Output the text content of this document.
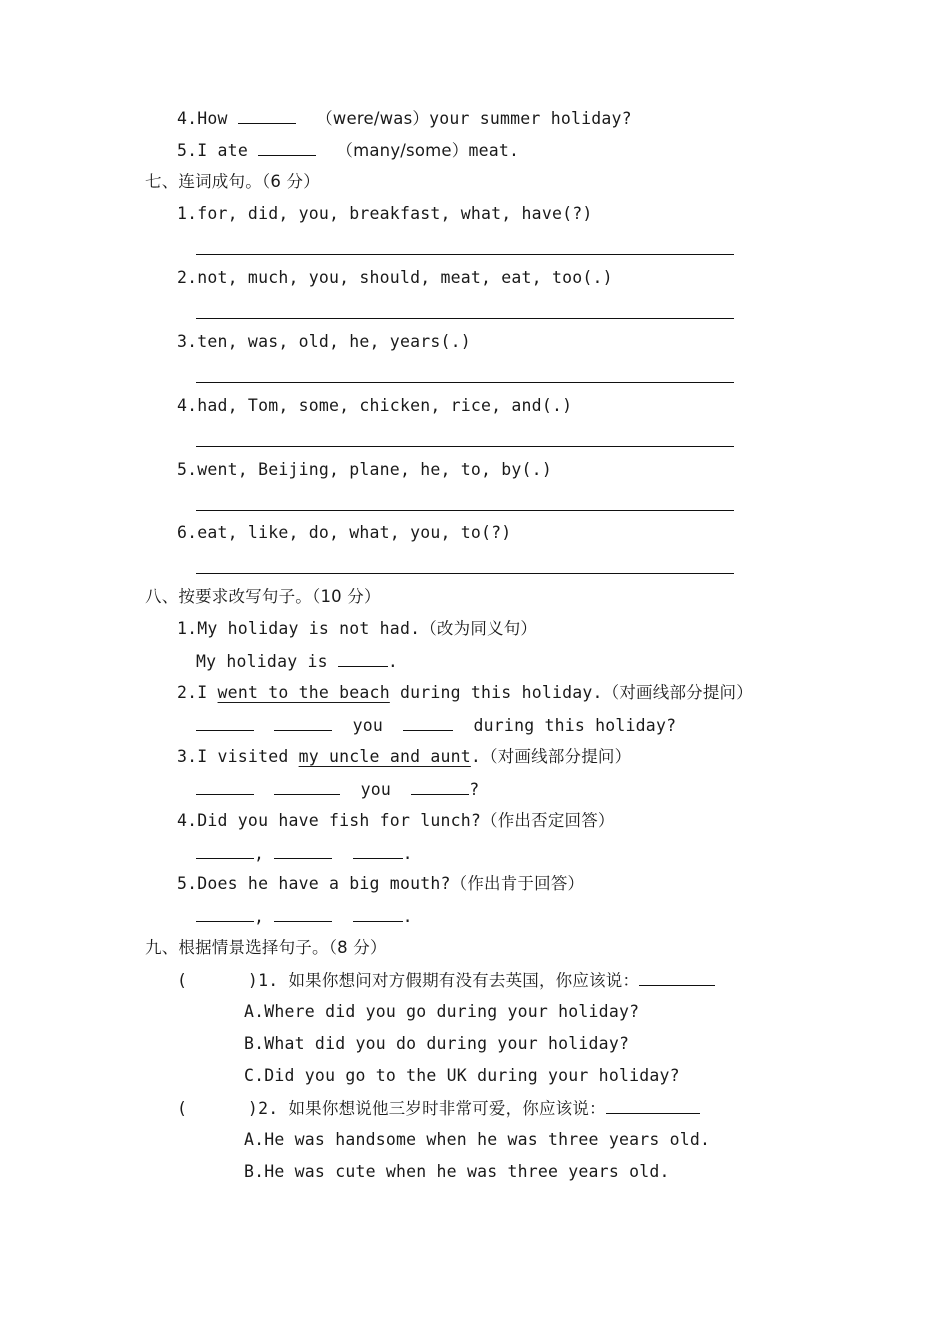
4.How	（were/was）your summer holiday?
5.I ate	（many/some）meat.
七、连词成句。（6 分）
1.for, did, you, breakfast, what, have(?)
2.not, much, you, should, meat, eat, too(.)
3.ten, was, old, he, years(.)
4.had, Tom, some, chicken, rice, and(.)
5.went, Beijing, plane, he, to, by(.)
6.eat, like, do, what, you, to(?)
八、按要求改写句子。（10 分）
1.My holiday is not had.（改为同义句）
My holiday is	.
2.I went to the beach during this holiday.（对画线部分提问）
you	during this holiday?
3.I visited my uncle and aunt.（对画线部分提问）
you	?
4.Did you have fish for lunch?（作出否定回答）
,	.
5.Does he have a big mouth?（作出肯于回答）
,	.
九、根据情景选择句子。（8 分）
(      )1. 如果你想问对方假期有没有去英国，你应该说：
A.Where did you go during your holiday?
B.What did you do during your holiday?
C.Did you go to the UK during your holiday?
(      )2. 如果你想说他三岁时非常可爱，你应该说：
A.He was handsome when he was three years old.
B.He was cute when he was three years old.
